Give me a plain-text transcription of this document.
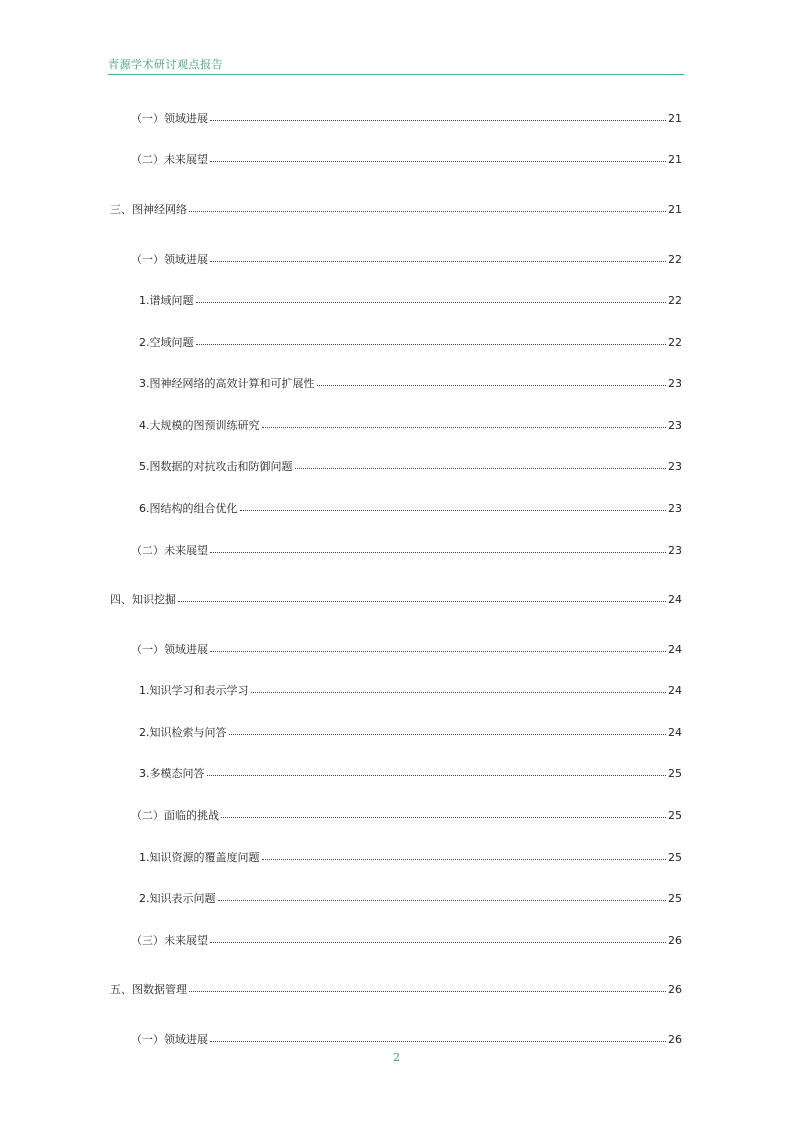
青源学术研讨观点报告
（一）领域进展	21
（二）未来展望	21
三、图神经网络	21
（一）领域进展	22
1.谱域问题	22
2.空域问题	22
3.图神经网络的高效计算和可扩展性	23
4.大规模的图预训练研究	23
5.图数据的对抗攻击和防御问题	23
6.图结构的组合优化	23
（二）未来展望	23
四、知识挖掘	24
（一）领域进展	24
1.知识学习和表示学习	24
2.知识检索与问答	24
3.多模态问答	25
（二）面临的挑战	25
1.知识资源的覆盖度问题	25
2.知识表示问题	25
（三）未来展望	26
五、图数据管理	26
（一）领域进展	26
2
